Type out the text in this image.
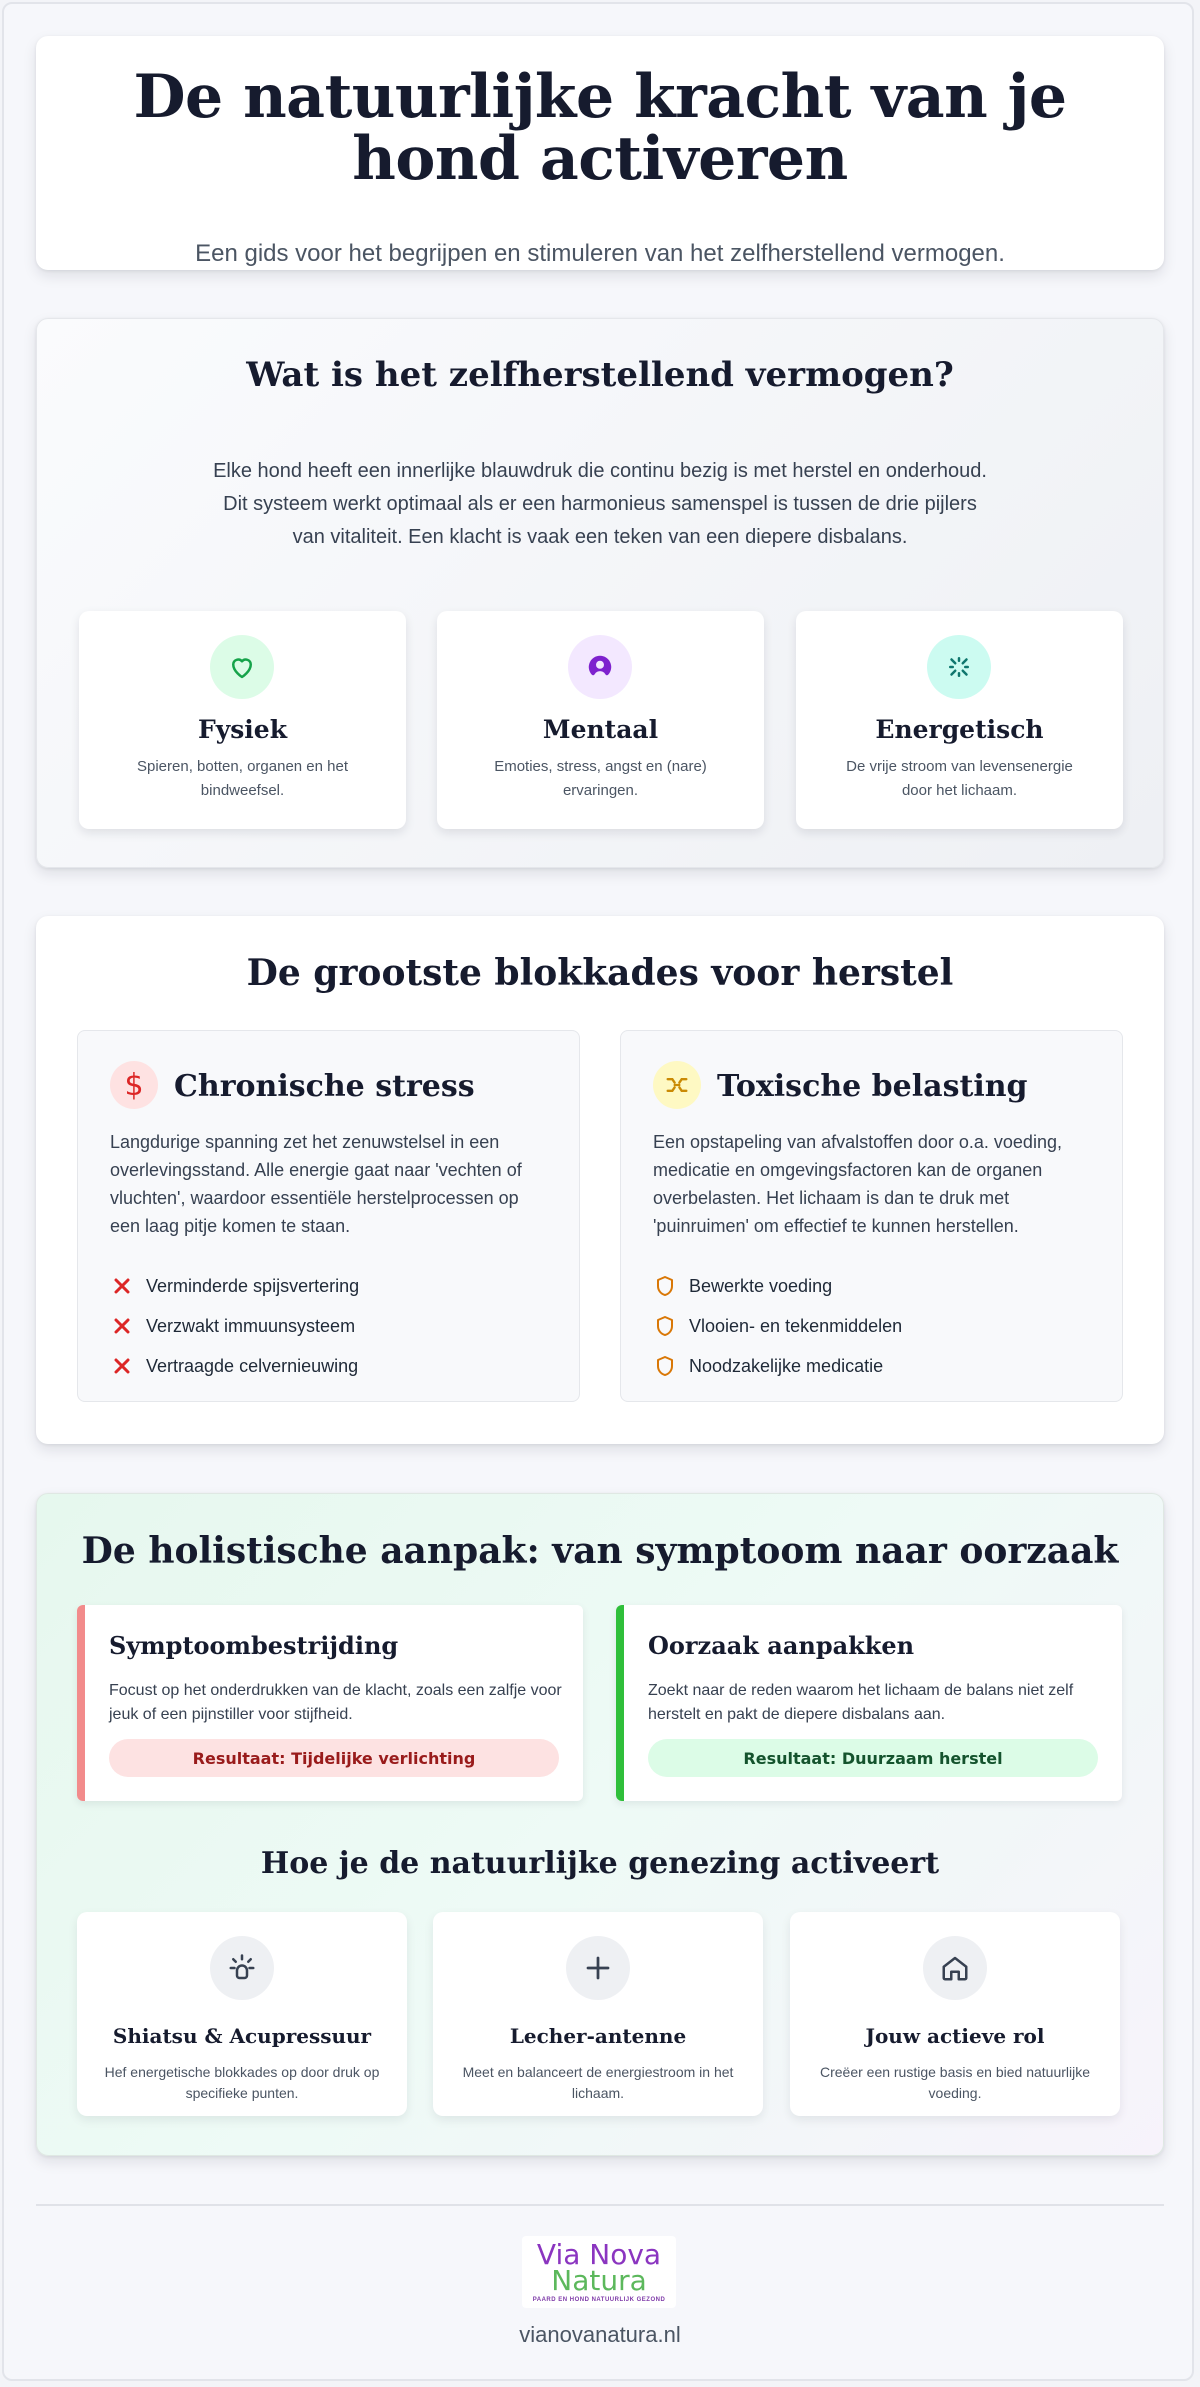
De natuurlijke kracht van je hond activeren

Een gids voor het begrijpen en stimuleren van het zelfherstellend vermogen.

Wat is het zelfherstellend vermogen?
Elke hond heeft een innerlijke blauwdruk die continu bezig is met herstel en onderhoud. Dit systeem werkt optimaal als er een harmonieus samenspel is tussen de drie pijlers van vitaliteit. Een klacht is vaak een teken van een diepere disbalans.
Fysiek

Spieren, botten, organen en het bindweefsel.

Mentaal

Emoties, stress, angst en (nare) ervaringen.

Energetisch

De vrije stroom van levensenergie door het lichaam.

De grootste blokkades voor herstel
$ Chronische stress
Langdurige spanning zet het zenuwstelsel in een overlevingsstand. Alle energie gaat naar 'vechten of vluchten', waardoor essentiële herstelprocessen op een laag pitje komen te staan.
Verminderde spijsvertering
Verzwakt immuunsysteem
Vertraagde celvernieuwing
Toxische belasting
Een opstapeling van afvalstoffen door o.a. voeding, medicatie en omgevingsfactoren kan de organen overbelasten. Het lichaam is dan te druk met 'puinruimen' om effectief te kunnen herstellen.
Bewerkte voeding
Vlooien- en tekenmiddelen
Noodzakelijke medicatie
De holistische aanpak: van symptoom naar oorzaak
Symptoombestrijding

Focust op het onderdrukken van de klacht, zoals een zalfje voor jeuk of een pijnstiller voor stijfheid.

Resultaat: Tijdelijke verlichting
Oorzaak aanpakken

Zoekt naar de reden waarom het lichaam de balans niet zelf herstelt en pakt de diepere disbalans aan.

Resultaat: Duurzaam herstel
Hoe je de natuurlijke genezing activeert
Shiatsu & Acupressuur

Hef energetische blokkades op door druk op specifieke punten.

Lecher-antenne

Meet en balanceert de energiestroom in het lichaam.

Jouw actieve rol

Creëer een rustige basis en bied natuurlijke voeding.

Via Nova
Natura
PAARD EN HOND NATUURLIJK GEZOND
vianovanatura.nl
